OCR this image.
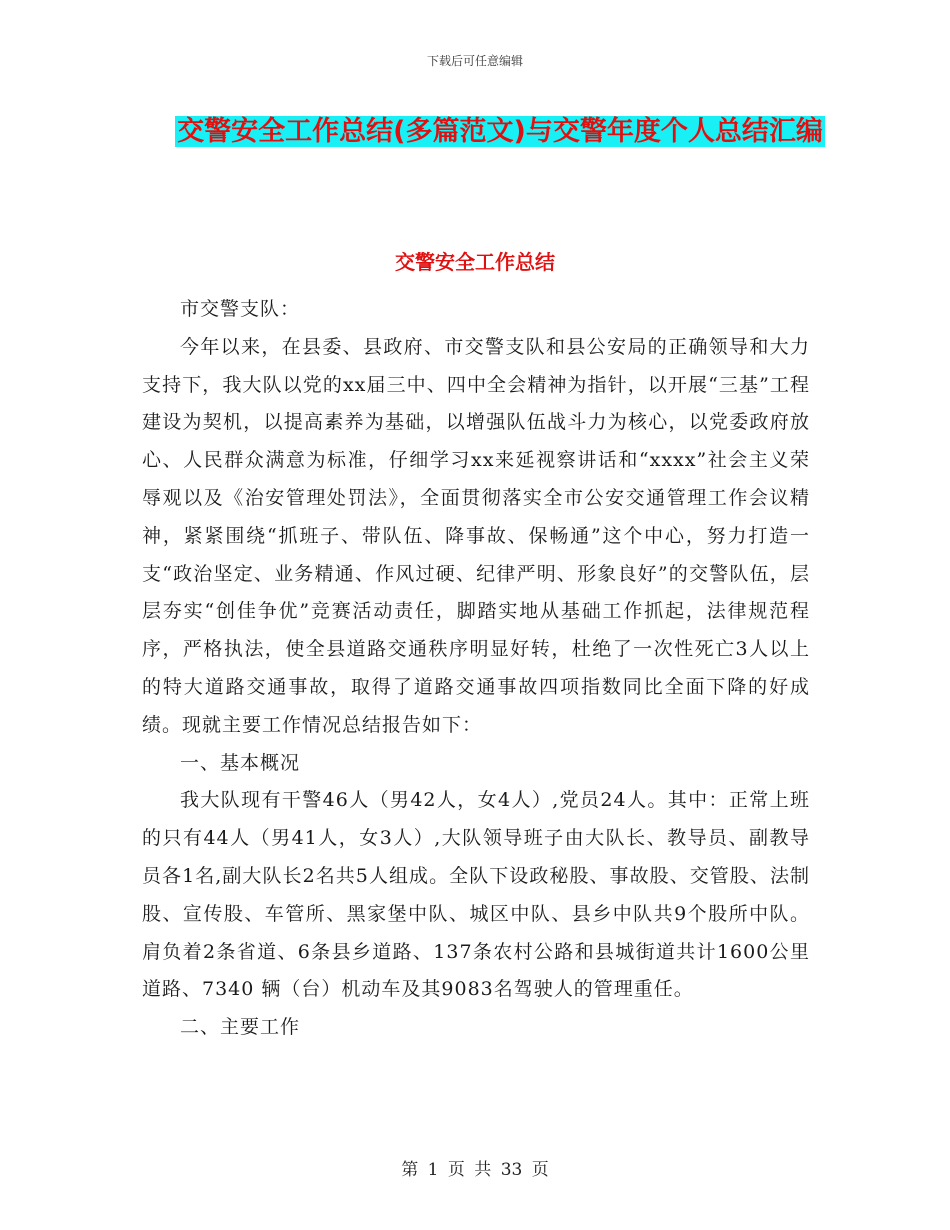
下载后可任意编辑
交警安全工作总结(多篇范文)与交警年度个人总结汇编
交警安全工作总结

市交警支队：

今年以来，在县委、县政府、市交警支队和县公安局的正确领导和大力支持下，我大队以党的xx届三中、四中全会精神为指针，以开展“三基”工程建设为契机，以提高素养为基础，以增强队伍战斗力为核心，以党委政府放心、人民群众满意为标准，仔细学习xx来延视察讲话和“xxxx”社会主义荣辱观以及《治安管理处罚法》，全面贯彻落实全市公安交通管理工作会议精神，紧紧围绕“抓班子、带队伍、降事故、保畅通”这个中心，努力打造一支“政治坚定、业务精通、作风过硬、纪律严明、形象良好”的交警队伍，层层夯实“创佳争优”竞赛活动责任，脚踏实地从基础工作抓起，法律规范程序，严格执法，使全县道路交通秩序明显好转，杜绝了一次性死亡3人以上的特大道路交通事故，取得了道路交通事故四项指数同比全面下降的好成绩。现就主要工作情况总结报告如下：

一、基本概况

我大队现有干警46人（男42人，女4人）,党员24人。其中：正常上班的只有44人（男41人，女3人）,大队领导班子由大队长、教导员、副教导员各1名,副大队长2名共5人组成。全队下设政秘股、事故股、交管股、法制股、宣传股、车管所、黑家堡中队、城区中队、县乡中队共9个股所中队。肩负着2条省道、6条县乡道路、137条农村公路和县城街道共计1600公里道路、7340 辆（台）机动车及其9083名驾驶人的管理重任。

二、主要工作

第 1 页 共 33 页
